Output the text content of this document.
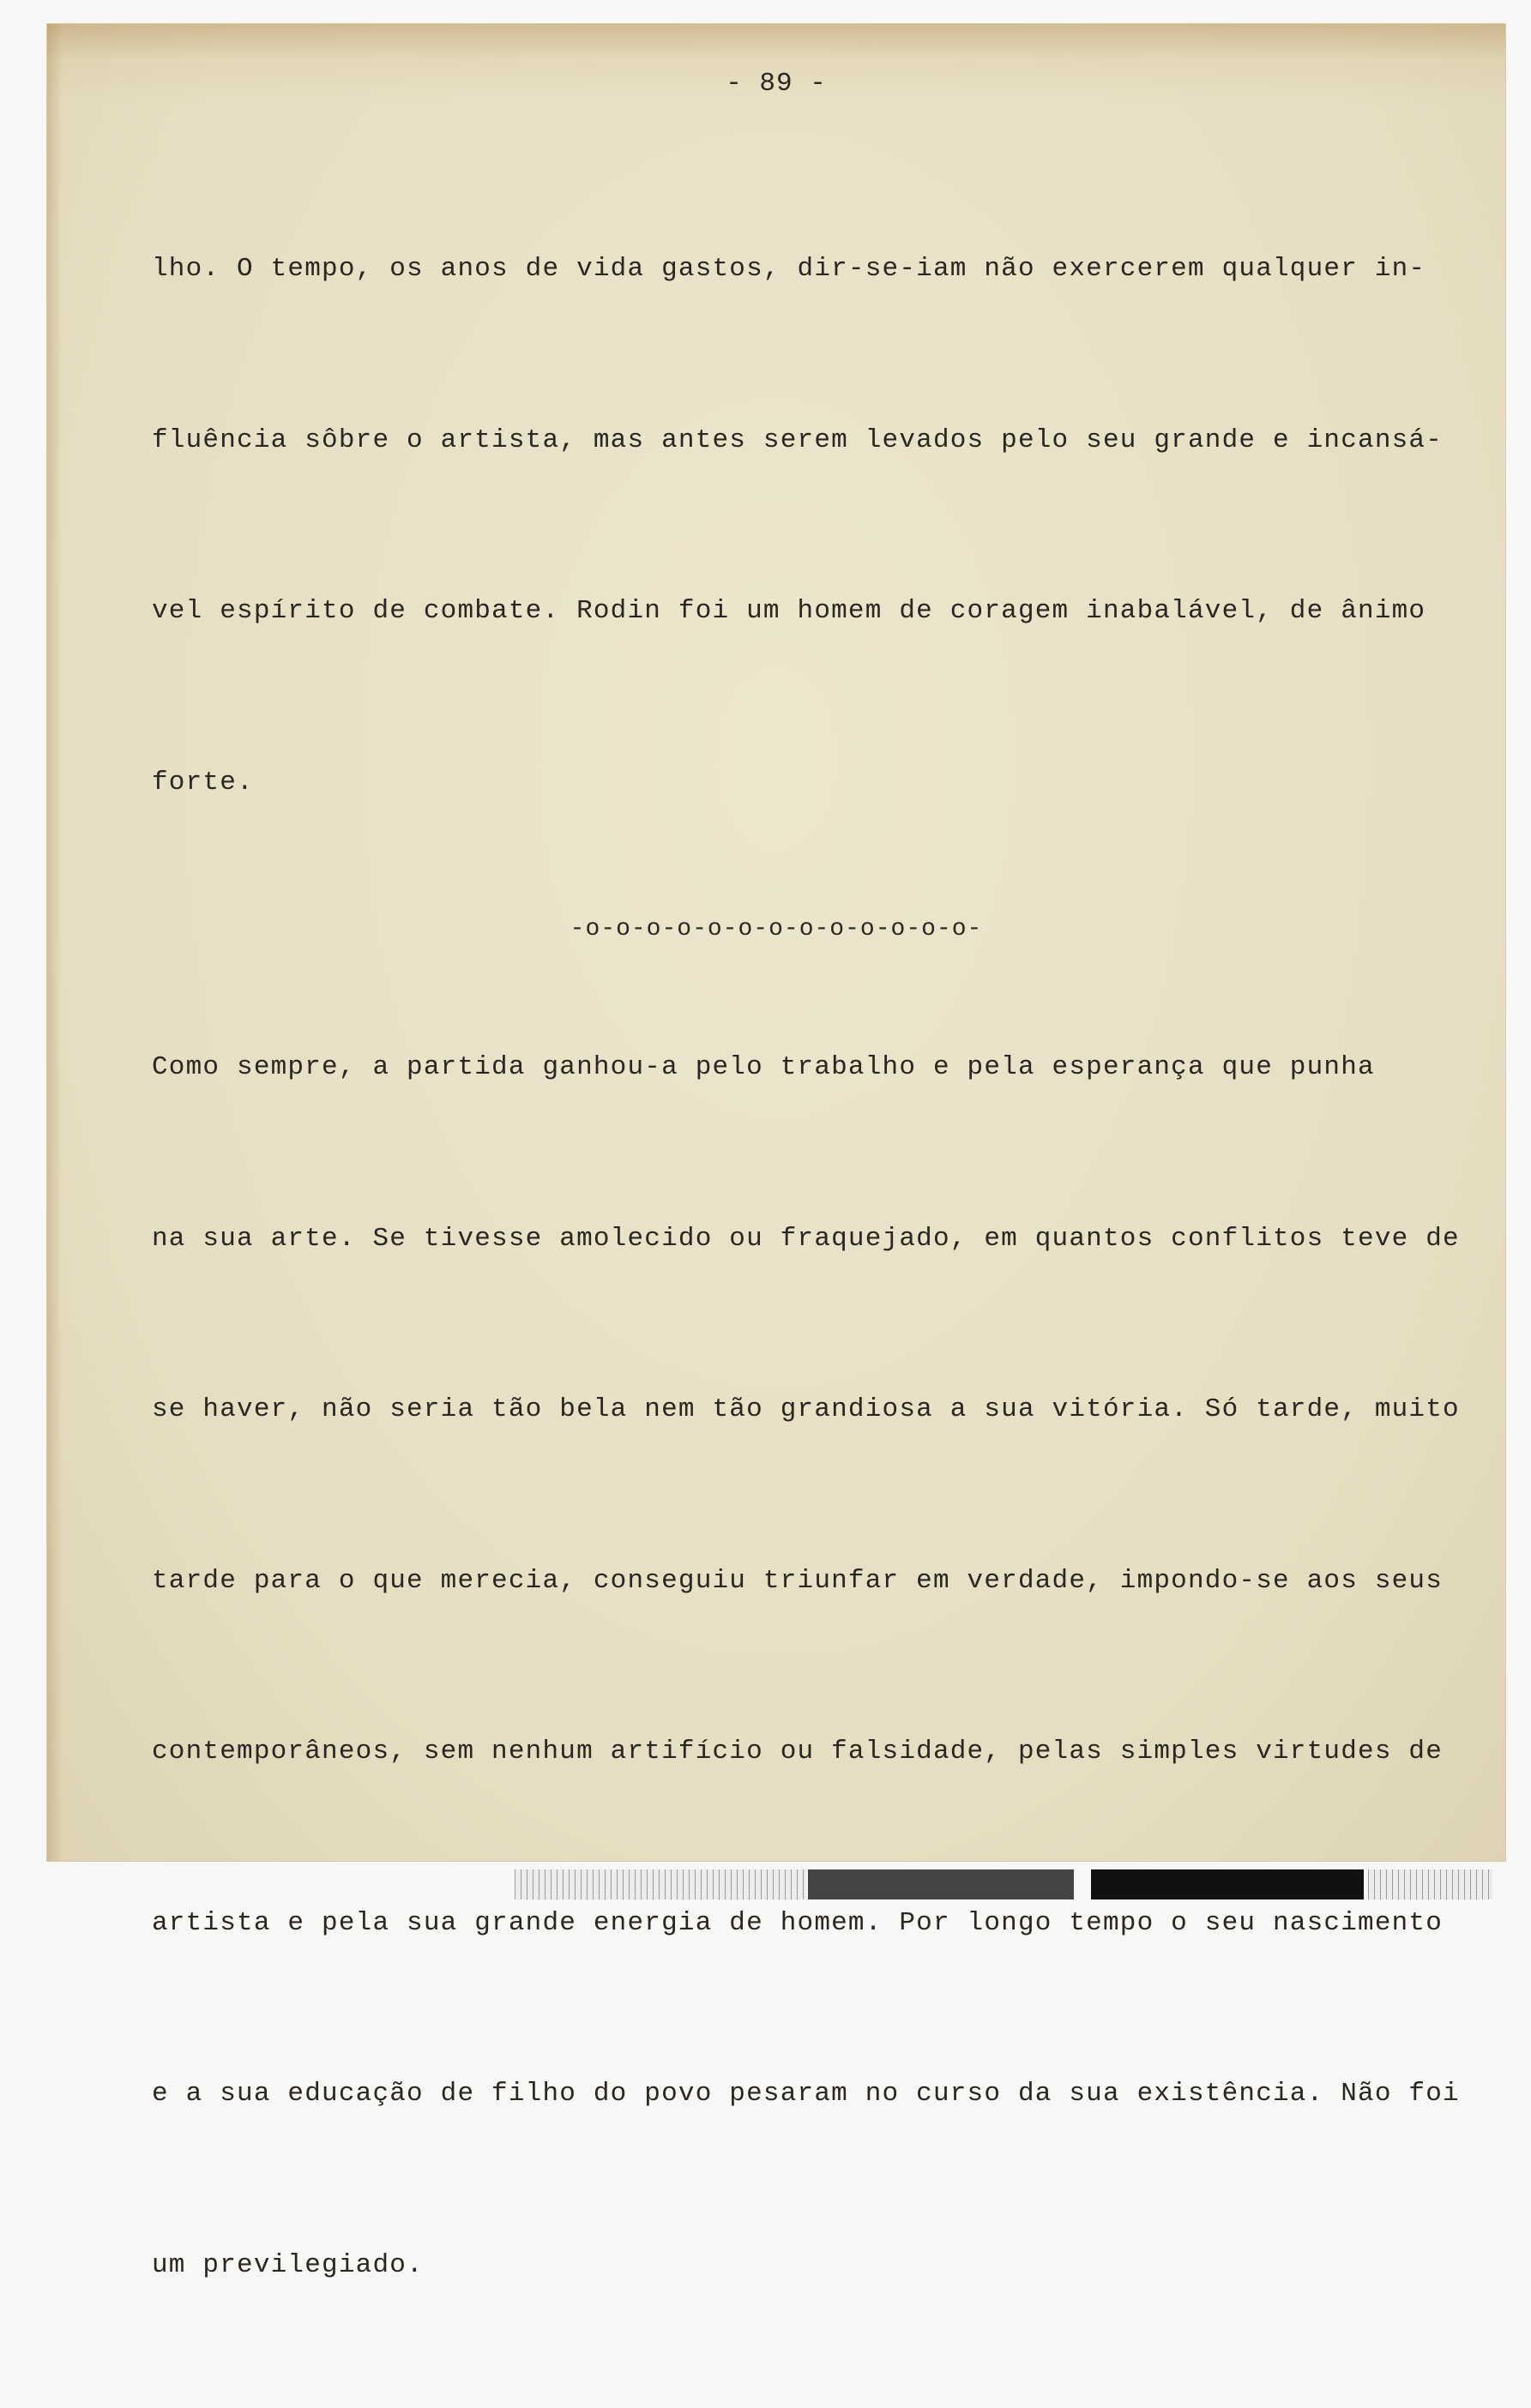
- 89 -

lho. O tempo, os anos de vida gastos, dir-se-iam não exercerem qualquer in-

fluência sôbre o artista, mas antes serem levados pelo seu grande e incansá-

vel espírito de combate. Rodin foi um homem de coragem inabalável, de ânimo

forte.

Como sempre, a partida ganhou-a pelo trabalho e pela esperança que punha

na sua arte. Se tivesse amolecido ou fraquejado, em quantos conflitos teve de

se haver, não seria tão bela nem tão grandiosa a sua vitória. Só tarde, muito

tarde para o que merecia, conseguiu triunfar em verdade, impondo-se aos seus

contemporâneos, sem nenhum artifício ou falsidade, pelas simples virtudes de

artista e pela sua grande energia de homem. Por longo tempo o seu nascimento

e a sua educação de filho do povo pesaram no curso da sua existência. Não foi

um previlegiado.

-o-o-o-o-o-o-o-o-o-o-o-o-o-
